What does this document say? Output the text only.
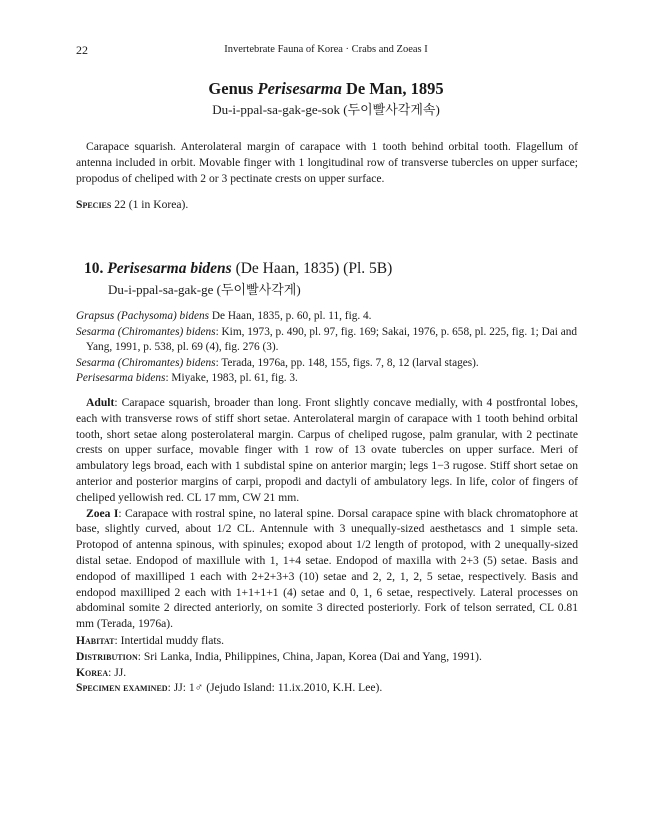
22	Invertebrate Fauna of Korea · Crabs and Zoeas I
Genus Perisesarma De Man, 1895
Du-i-ppal-sa-gak-ge-sok (두이빨사각게속)
Carapace squarish. Anterolateral margin of carapace with 1 tooth behind orbital tooth. Flagellum of antenna included in orbit. Movable finger with 1 longitudinal row of transverse tubercles on upper surface; propodus of cheliped with 2 or 3 pectinate crests on upper surface.
Species 22 (1 in Korea).
10. Perisesarma bidens (De Haan, 1835) (Pl. 5B)
Du-i-ppal-sa-gak-ge (두이빨사각게)
Grapsus (Pachysoma) bidens De Haan, 1835, p. 60, pl. 11, fig. 4.
Sesarma (Chiromantes) bidens: Kim, 1973, p. 490, pl. 97, fig. 169; Sakai, 1976, p. 658, pl. 225, fig. 1; Dai and Yang, 1991, p. 538, pl. 69 (4), fig. 276 (3).
Sesarma (Chiromantes) bidens: Terada, 1976a, pp. 148, 155, figs. 7, 8, 12 (larval stages).
Perisesarma bidens: Miyake, 1983, pl. 61, fig. 3.

Adult: Carapace squarish, broader than long. Front slightly concave medially, with 4 postfrontal lobes, each with transverse rows of stiff short setae. Anterolateral margin of carapace with 1 tooth behind orbital tooth, short setae along posterolateral margin. Carpus of cheliped rugose, palm granular, with 2 pectinate crests on upper surface, movable finger with 1 row of 13 ovate tubercles on upper surface. Meri of ambulatory legs broad, each with 1 subdistal spine on anterior margin; legs 1−3 rugose. Stiff short setae on anterior and posterior margins of carpi, propodi and dactyli of ambulatory legs. In life, color of fingers of cheliped yellowish red. CL 17 mm, CW 21 mm.

Zoea I: Carapace with rostral spine, no lateral spine. Dorsal carapace spine with black chromatophore at base, slightly curved, about 1/2 CL. Antennule with 3 unequally-sized aesthetascs and 1 simple seta. Protopod of antenna spinous, with spinules; exopod about 1/2 length of protopod, with 2 unequally-sized distal setae. Endopod of maxillule with 1, 1+4 setae. Endopod of maxilla with 2+3 (5) setae. Basis and endopod of maxilliped 1 each with 2+2+3+3 (10) setae and 2, 2, 1, 2, 5 setae, respectively. Basis and endopod maxilliped 2 each with 1+1+1+1 (4) setae and 0, 1, 6 setae, respectively. Lateral processes on abdominal somite 2 directed anteriorly, on somite 3 directed posteriorly. Fork of telson serrated, CL 0.81 mm (Terada, 1976a).

Habitat: Intertidal muddy flats.
Distribution: Sri Lanka, India, Philippines, China, Japan, Korea (Dai and Yang, 1991).
Korea: JJ.
Specimen examined: JJ: 1♂ (Jejudo Island: 11.ix.2010, K.H. Lee).
